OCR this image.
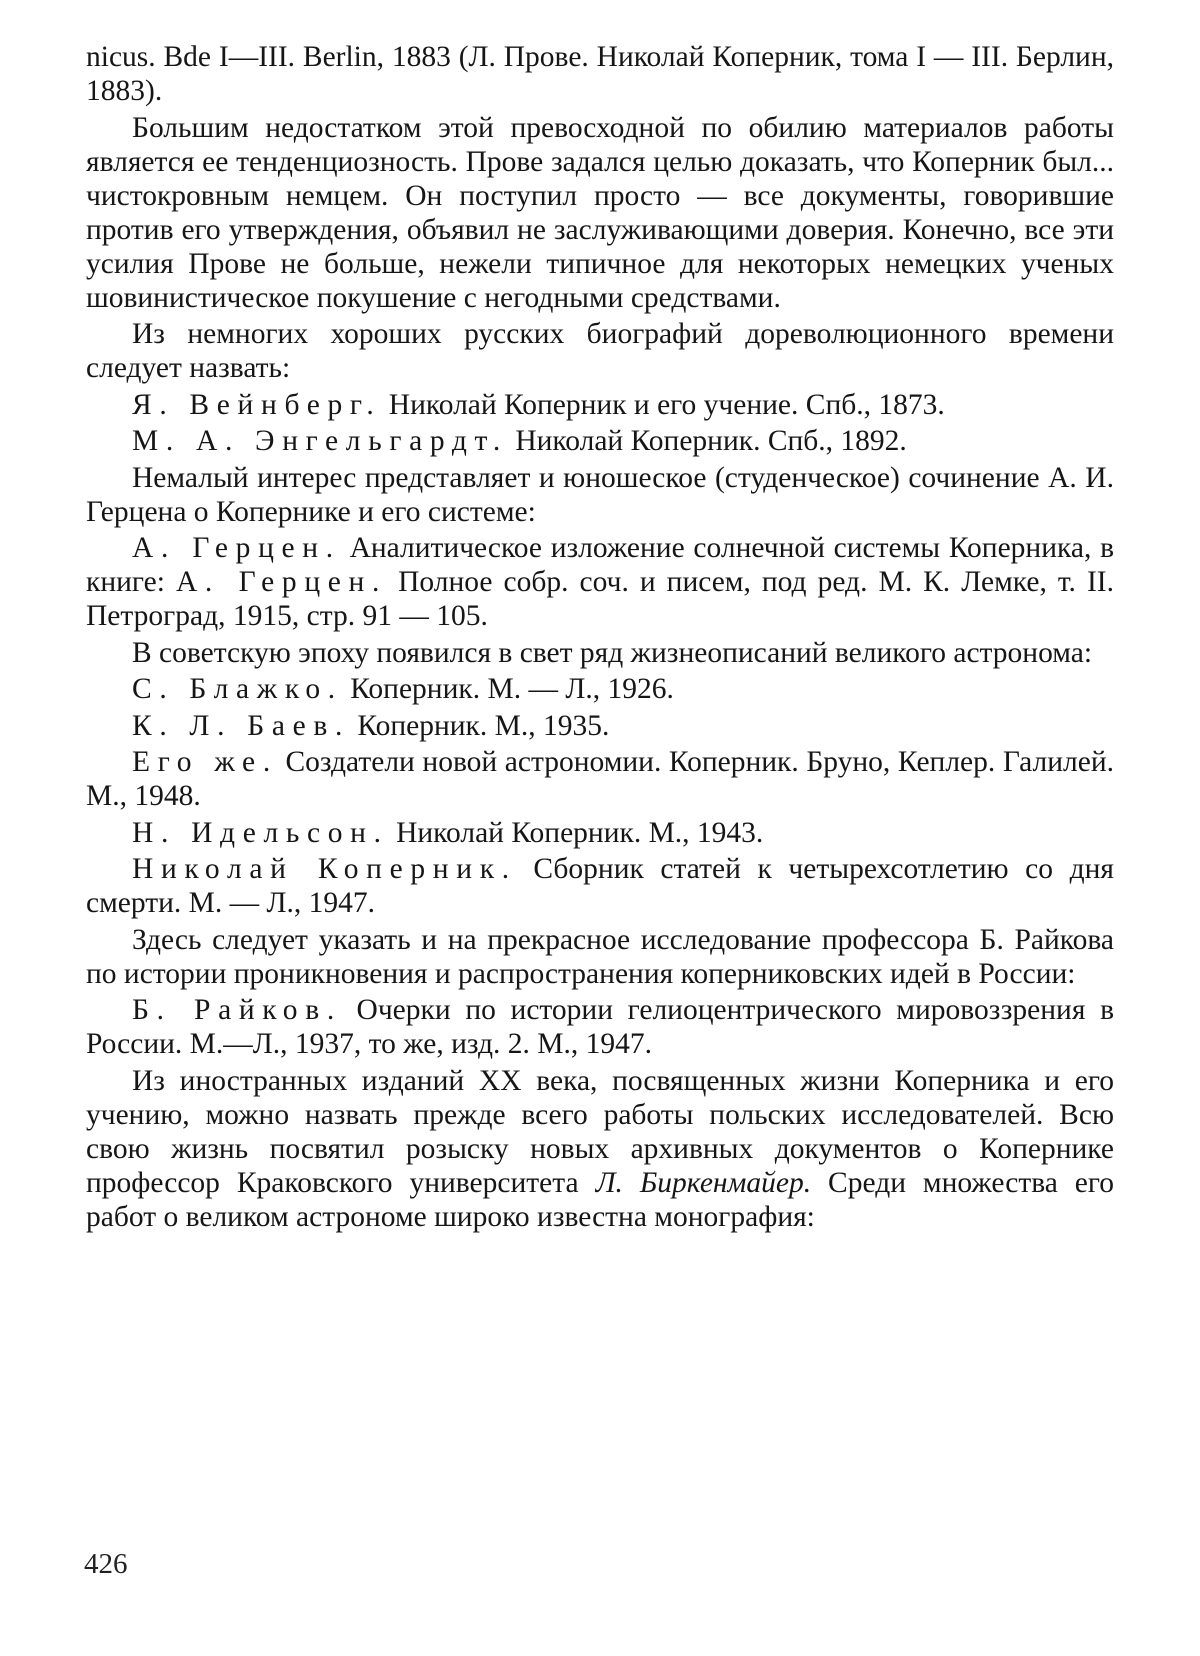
nicus. Bde I—III. Berlin, 1883 (Л. Прове. Николай Коперник, тома I — III. Берлин, 1883).

Большим недостатком этой превосходной по обилию материалов работы является ее тенденциозность. Прове задался целью доказать, что Коперник был... чистокровным немцем. Он поступил просто — все документы, говорившие против его утверждения, объявил не заслуживающими доверия. Конечно, все эти усилия Прове не больше, нежели типичное для некоторых немецких ученых шовинистическое покушение с негодными средствами.

Из немногих хороших русских биографий дореволюционного времени следует назвать:

Я. Вейнберг. Николай Коперник и его учение. Спб., 1873.

М. А. Энгельгардт. Николай Коперник. Спб., 1892.

Немалый интерес представляет и юношеское (студенческое) сочинение А. И. Герцена о Копернике и его системе:

А. Герцен. Аналитическое изложение солнечной системы Коперника, в книге: А. Герцен. Полное собр. соч. и писем, под ред. М. К. Лемке, т. II. Петроград, 1915, стр. 91 — 105.

В советскую эпоху появился в свет ряд жизнеописаний великого астронома:

С. Блажко. Коперник. М. — Л., 1926.

К. Л. Баев. Коперник. М., 1935.

Его же. Создатели новой астрономии. Коперник. Бруно, Кеплер. Галилей. М., 1948.

Н. Идельсон. Николай Коперник. М., 1943.

Николай Коперник. Сборник статей к четырехсотлетию со дня смерти. М. — Л., 1947.

Здесь следует указать и на прекрасное исследование профессора Б. Райкова по истории проникновения и распространения коперниковских идей в России:

Б. Райков. Очерки по истории гелиоцентрического мировоззрения в России. М.—Л., 1937, то же, изд. 2. М., 1947.

Из иностранных изданий XX века, посвященных жизни Коперника и его учению, можно назвать прежде всего работы польских исследователей. Всю свою жизнь посвятил розыску новых архивных документов о Копернике профессор Краковского университета Л. Биркенмайер. Среди множества его работ о великом астрономе широко известна монография:

426
